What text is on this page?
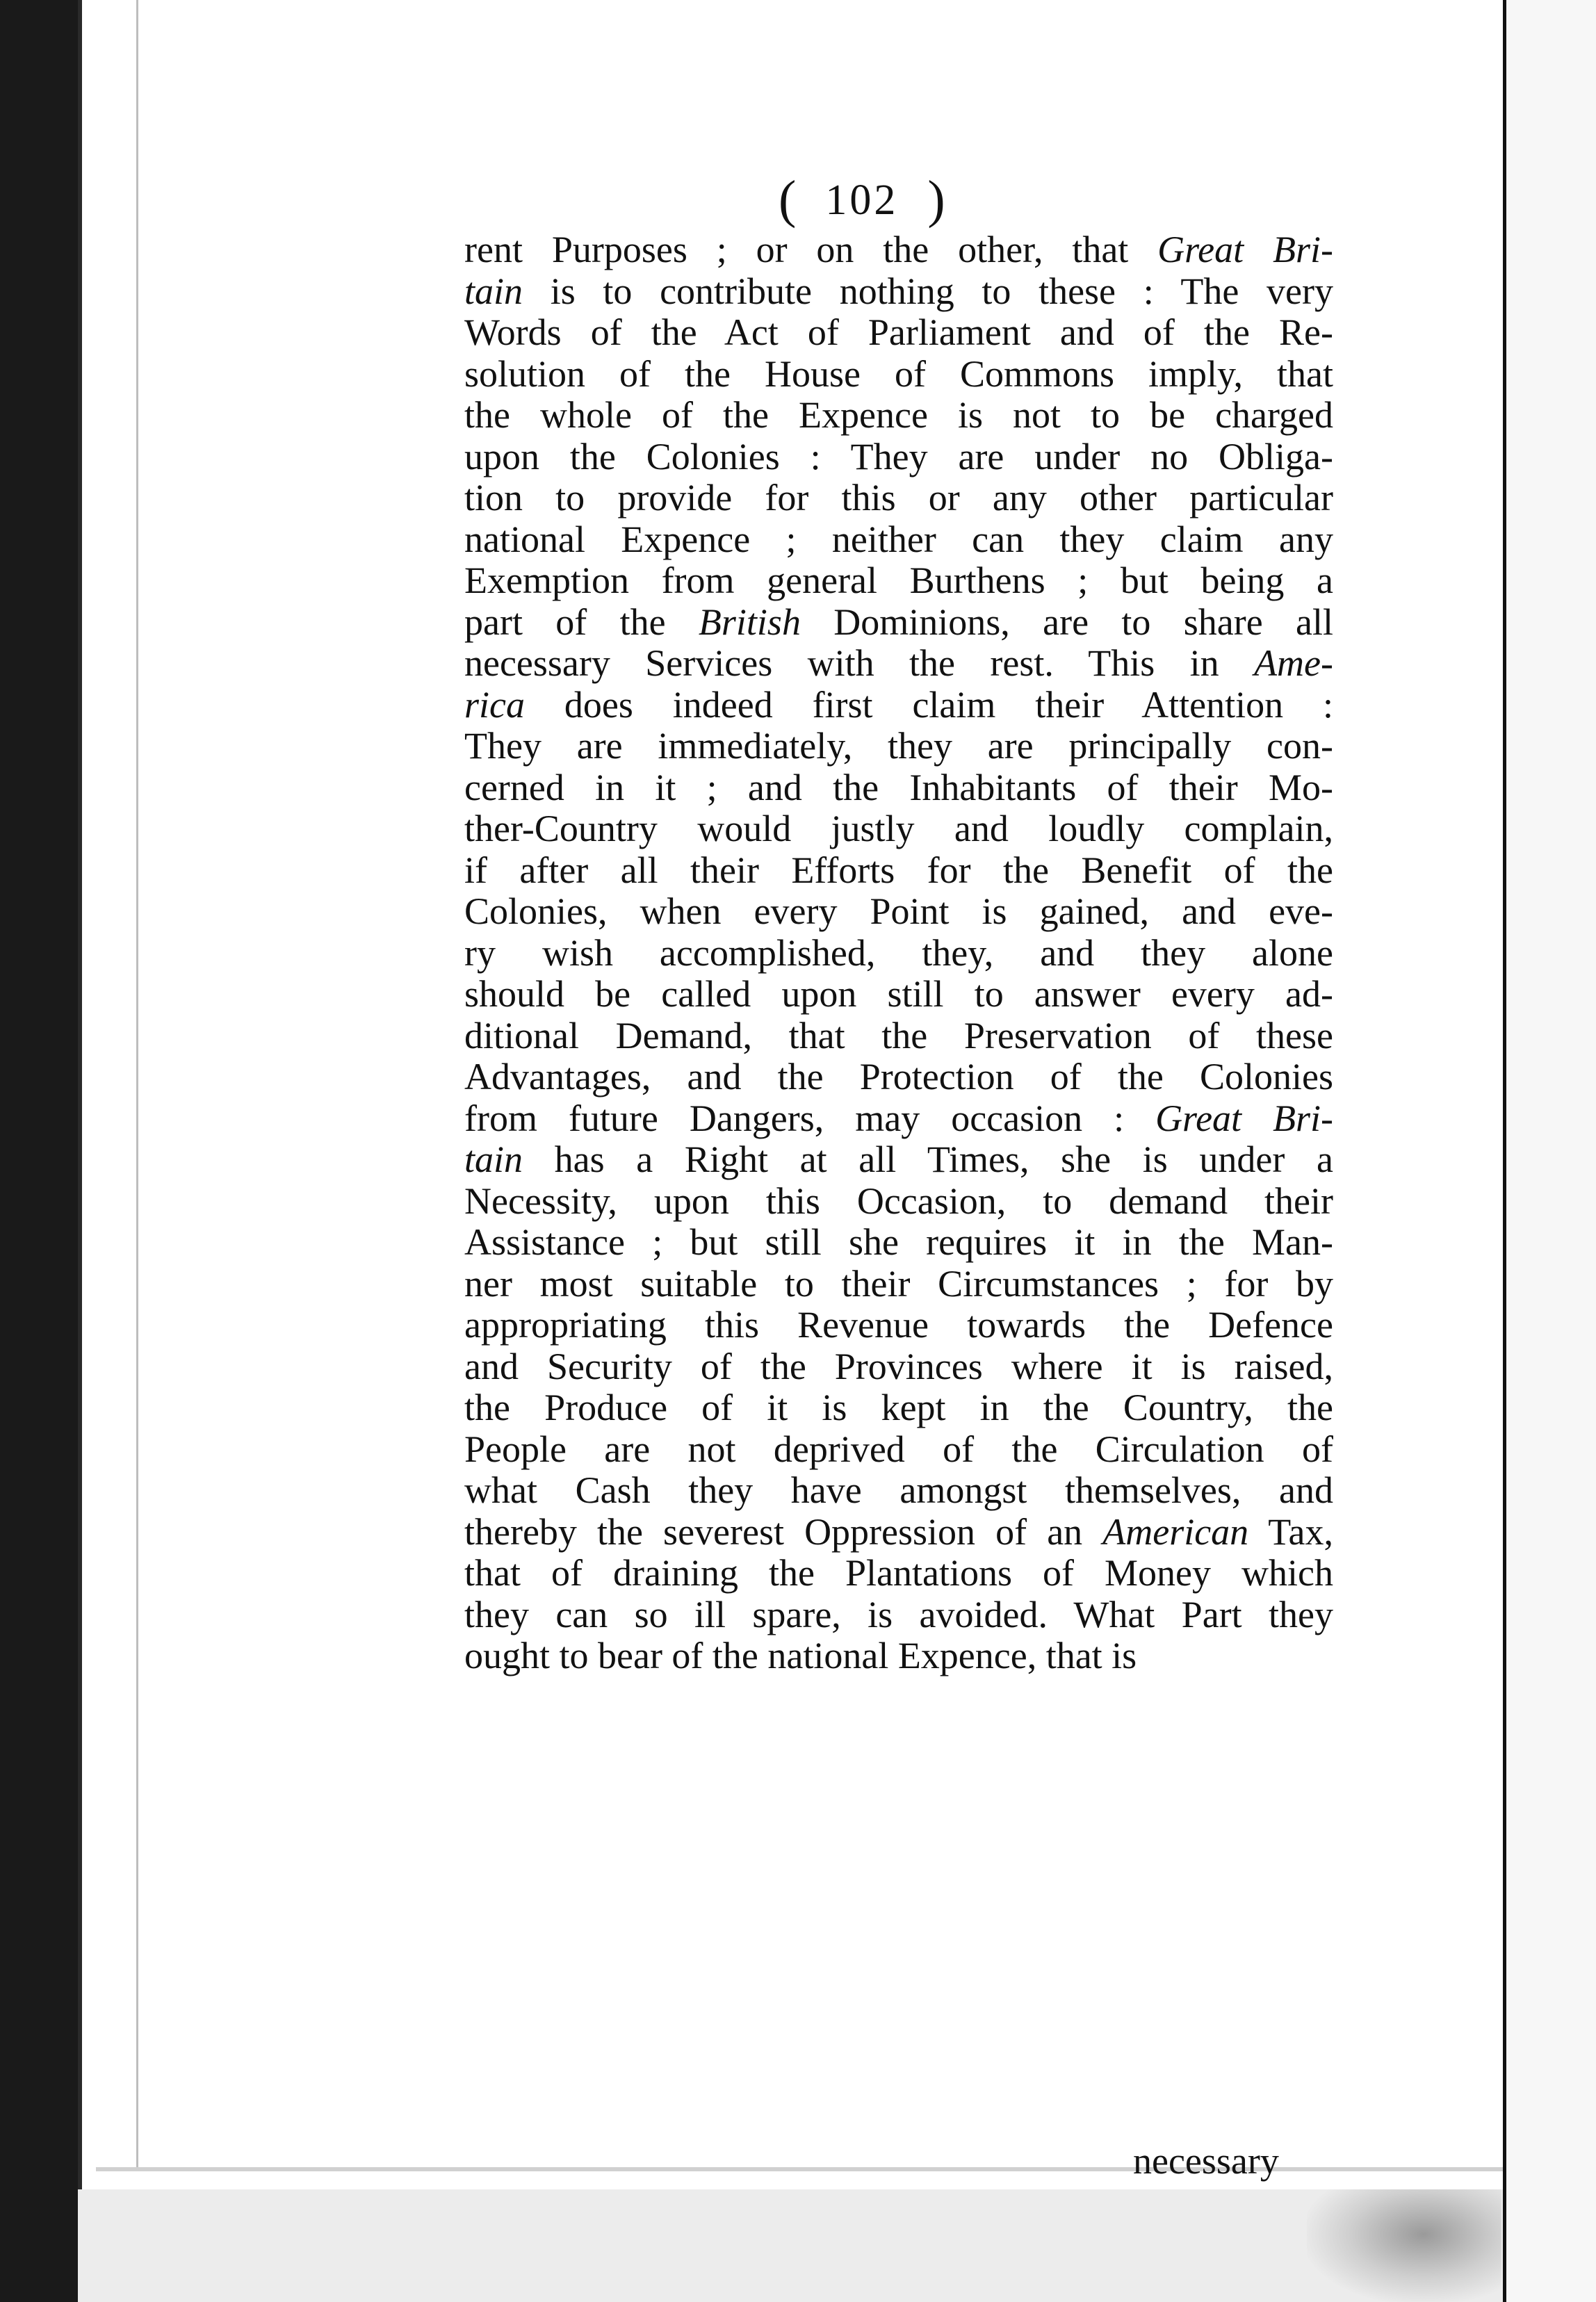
( 102 )
rent Purposes ; or on the other, that Great Bri-
tain is to contribute nothing to these : The very
Words of the Act of Parliament and of the Re-
solution of the House of Commons imply, that
the whole of the Expence is not to be charged
upon the Colonies : They are under no Obliga-
tion to provide for this or any other particular
national Expence ; neither can they claim any
Exemption from general Burthens ; but being a
part of the British Dominions, are to share all
necessary Services with the rest. This in Ame-
rica does indeed first claim their Attention :
They are immediately, they are principally con-
cerned in it ; and the Inhabitants of their Mo-
ther-Country would justly and loudly complain,
if after all their Efforts for the Benefit of the
Colonies, when every Point is gained, and eve-
ry wish accomplished, they, and they alone
should be called upon still to answer every ad-
ditional Demand, that the Preservation of these
Advantages, and the Protection of the Colonies
from future Dangers, may occasion : Great Bri-
tain has a Right at all Times, she is under a
Necessity, upon this Occasion, to demand their
Assistance ; but still she requires it in the Man-
ner most suitable to their Circumstances ; for by
appropriating this Revenue towards the Defence
and Security of the Provinces where it is raised,
the Produce of it is kept in the Country, the
People are not deprived of the Circulation of
what Cash they have amongst themselves, and
thereby the severest Oppression of an American Tax,
that of draining the Plantations of Money which
they can so ill spare, is avoided. What Part they
ought to bear of the national Expence, that is
necessary
